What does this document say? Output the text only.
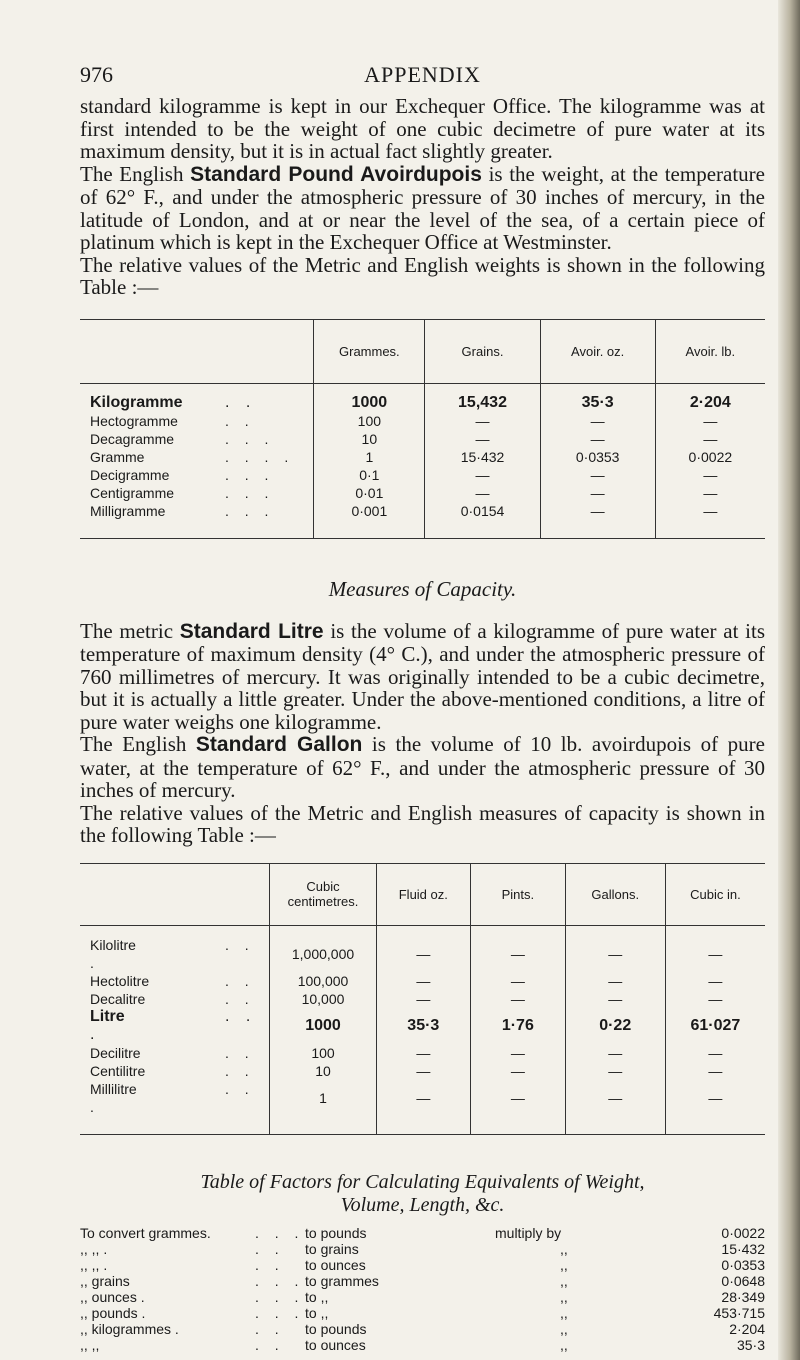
976	APPENDIX

standard kilogramme is kept in our Exchequer Office. The kilogramme was at first intended to be the weight of one cubic decimetre of pure water at its maximum density, but it is in actual fact slightly greater.

The English Standard Pound Avoirdupois is the weight, at the temperature of 62° F., and under the atmospheric pressure of 30 inches of mercury, in the latitude of London, and at or near the level of the sea, of a certain piece of platinum which is kept in the Exchequer Office at Westminster.

The relative values of the Metric and English weights is shown in the following Table :—

	Grammes.	Grains.	Avoir. oz.	Avoir. lb.
Kilogramme . .	1000	15,432	35·3	2·204
Hectogramme . .	100	—	—	—
Decagramme . . .	10	—	—	—
Gramme . . . .	1	15·432	0·0353	0·0022
Decigramme . . .	0·1	—	—	—
Centigramme . . .	0·01	—	—	—
Milligramme . . .	0·001	0·0154	—	—

Measures of Capacity.

The metric Standard Litre is the volume of a kilogramme of pure water at its temperature of maximum density (4° C.), and under the atmospheric pressure of 760 millimetres of mercury. It was originally intended to be a cubic decimetre, but it is actually a little greater. Under the above-mentioned conditions, a litre of pure water weighs one kilogramme.

The English Standard Gallon is the volume of 10 lb. avoirdupois of pure water, at the temperature of 62° F., and under the atmospheric pressure of 30 inches of mercury.

The relative values of the Metric and English measures of capacity is shown in the following Table :—

	Cubic centimetres.	Fluid oz.	Pints.	Gallons.	Cubic in.
Kilolitre . . .	1,000,000	—	—	—	—
Hectolitre . .	100,000	—	—	—	—
Decalitre . .	10,000	—	—	—	—
Litre . . .	1000	35·3	1·76	0·22	61·027
Decilitre . .	100	—	—	—	—
Centilitre . .	10	—	—	—	—
Millilitre . . .	1	—	—	—	—

Table of Factors for Calculating Equivalents of Weight,
Volume, Length, &c.
To convert grammes.	. . . to pounds	multiply by	0·0022
,, ,, .	. . to grains	,,	15·432
,, ,, .	. . to ounces	,,	0·0353
,, grains	. . . to grammes	,,	0·0648
,, ounces .	. . . to ,,	,,	28·349
,, pounds .	. . . to ,,	,,	453·715
,, kilogrammes .	. . to pounds	,,	2·204
,, ,,	. . to ounces	,,	35·3
